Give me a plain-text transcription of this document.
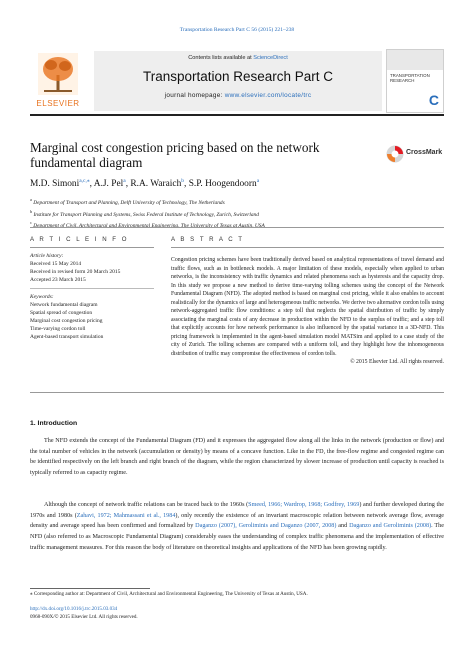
Transportation Research Part C 56 (2015) 221–238
ELSEVIER
Contents lists available at ScienceDirect
Transportation Research Part C
journal homepage: www.elsevier.com/locate/trc
TRANSPORTATION RESEARCH
C
Marginal cost congestion pricing based on the network fundamental diagram
CrossMark
M.D. Simoni$^{a,c,⁎}$, A.J. Pel$^a$, R.A. Waraich$^b$, S.P. Hoogendoorn$^a$
$^a$ Department of Transport and Planning, Delft University of Technology, The Netherlands
$^b$ Institute for Transport Planning and Systems, Swiss Federal Institute of Technology, Zurich, Switzerland
$^c$ Department of Civil, Architectural and Environmental Engineering, The University of Texas at Austin, USA
A R T I C L E I N F O
Article history:
Received 15 May 2014
Received in revised form 20 March 2015
Accepted 23 March 2015
Keywords:
Network fundamental diagram
Spatial spread of congestion
Marginal cost congestion pricing
Time-varying cordon toll
Agent-based transport simulation
A B S T R A C T
Congestion pricing schemes have been traditionally derived based on analytical representations of travel demand and traffic flows, such as in bottleneck models. A major limitation of these models, especially when applied to urban networks, is the inconsistency with traffic dynamics and related phenomena such as hysteresis and the capacity drop. In this study we propose a new method to derive time-varying tolling schemes using the concept of the Network Fundamental Diagram (NFD). The adopted method is based on marginal cost pricing, while it also enables to account realistically for the dynamics of large and heterogeneous traffic networks. We derive two alternative cordon tolls using network-aggregated traffic flow conditions: a step toll that neglects the spatial distribution of traffic by simply associating the marginal costs of any decrease in production within the NFD to the surplus of traffic; and a step toll that explicitly accounts for how network performance is also influenced by the spatial variance in a 3D-NFD. This pricing framework is implemented in the agent-based simulation model MATSim and applied to a case study of the city of Zurich. The tolling schemes are compared with a uniform toll, and they highlight how the inhomogeneous distribution of traffic may compromise the effectiveness of cordon tolls.
© 2015 Elsevier Ltd. All rights reserved.
1. Introduction

The NFD extends the concept of the Fundamental Diagram (FD) and it expresses the aggregated flow along all the links in the network (production or flow) and the total number of vehicles in the network (accumulation or density) by means of a concave function. Like in the FD, the free-flow regime and congested regime can be identified respectively on the left branch and right branch of the diagram, while the region characterized by slower increase of production until capacity is reached is typically referred to as capacity regime.

Although the concept of network traffic relations can be traced back to the 1960s (Smeed, 1966; Wardrop, 1968; Godfrey, 1969) and further developed during the 1970s and 1980s (Zahavi, 1972; Mahmassani et al., 1984), only recently the existence of an invariant macroscopic relation between network average flow, average density and average speed has been confirmed and formalized by Daganzo (2007), Geroliminis and Daganzo (2007, 2008) and Daganzo and Geroliminis (2008). The NFD (also referred to as Macroscopic Fundamental Diagram) considerably eases the understanding of complex traffic phenomena and the implementation of effective traffic management measures. For this reason the body of literature on theoretical insights and applications of the NFD has been growing rapidly.

⁎ Corresponding author at: Department of Civil, Architectural and Environmental Engineering, The University of Texas at Austin, USA.
http://dx.doi.org/10.1016/j.trc.2015.03.034
0968-090X/© 2015 Elsevier Ltd. All rights reserved.
